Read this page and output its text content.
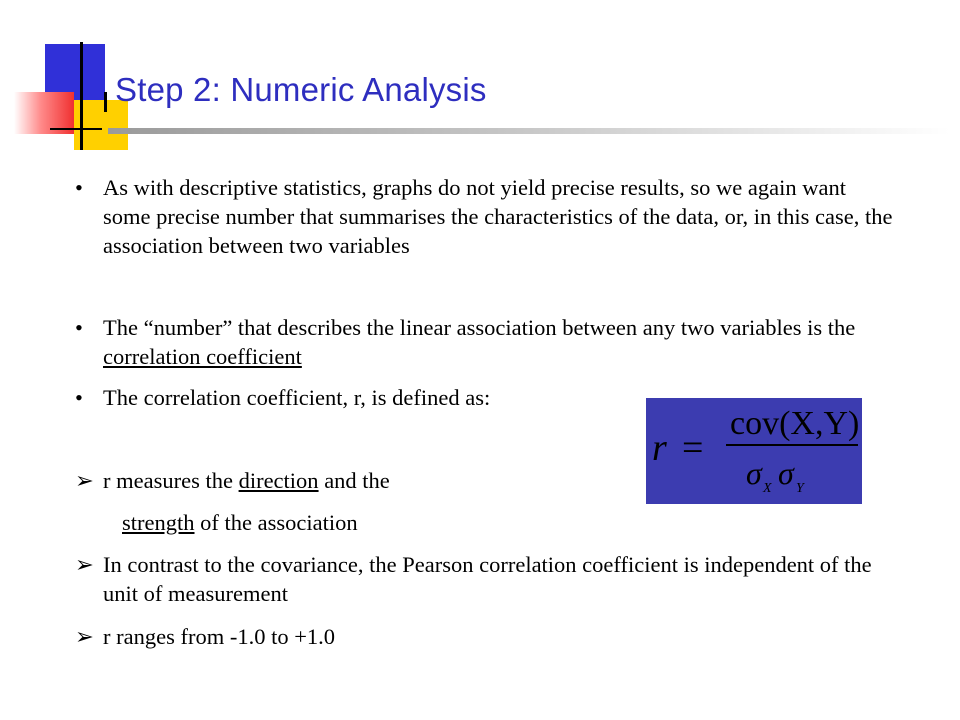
Step 2: Numeric Analysis
• As with descriptive statistics, graphs do not yield precise results, so we again want some precise number that summarises the characteristics of the data, or, in this case, the association between two variables
• The “number” that describes the linear association between any two variables is the correlation coefficient
• The correlation coefficient, r, is defined as:
r =
cov(X,Y)
σ X σ Y
➢ r measures the direction and the
strength of the association
➢ In contrast to the covariance, the Pearson correlation coefficient is independent of the unit of measurement
➢ r ranges from -1.0 to +1.0
